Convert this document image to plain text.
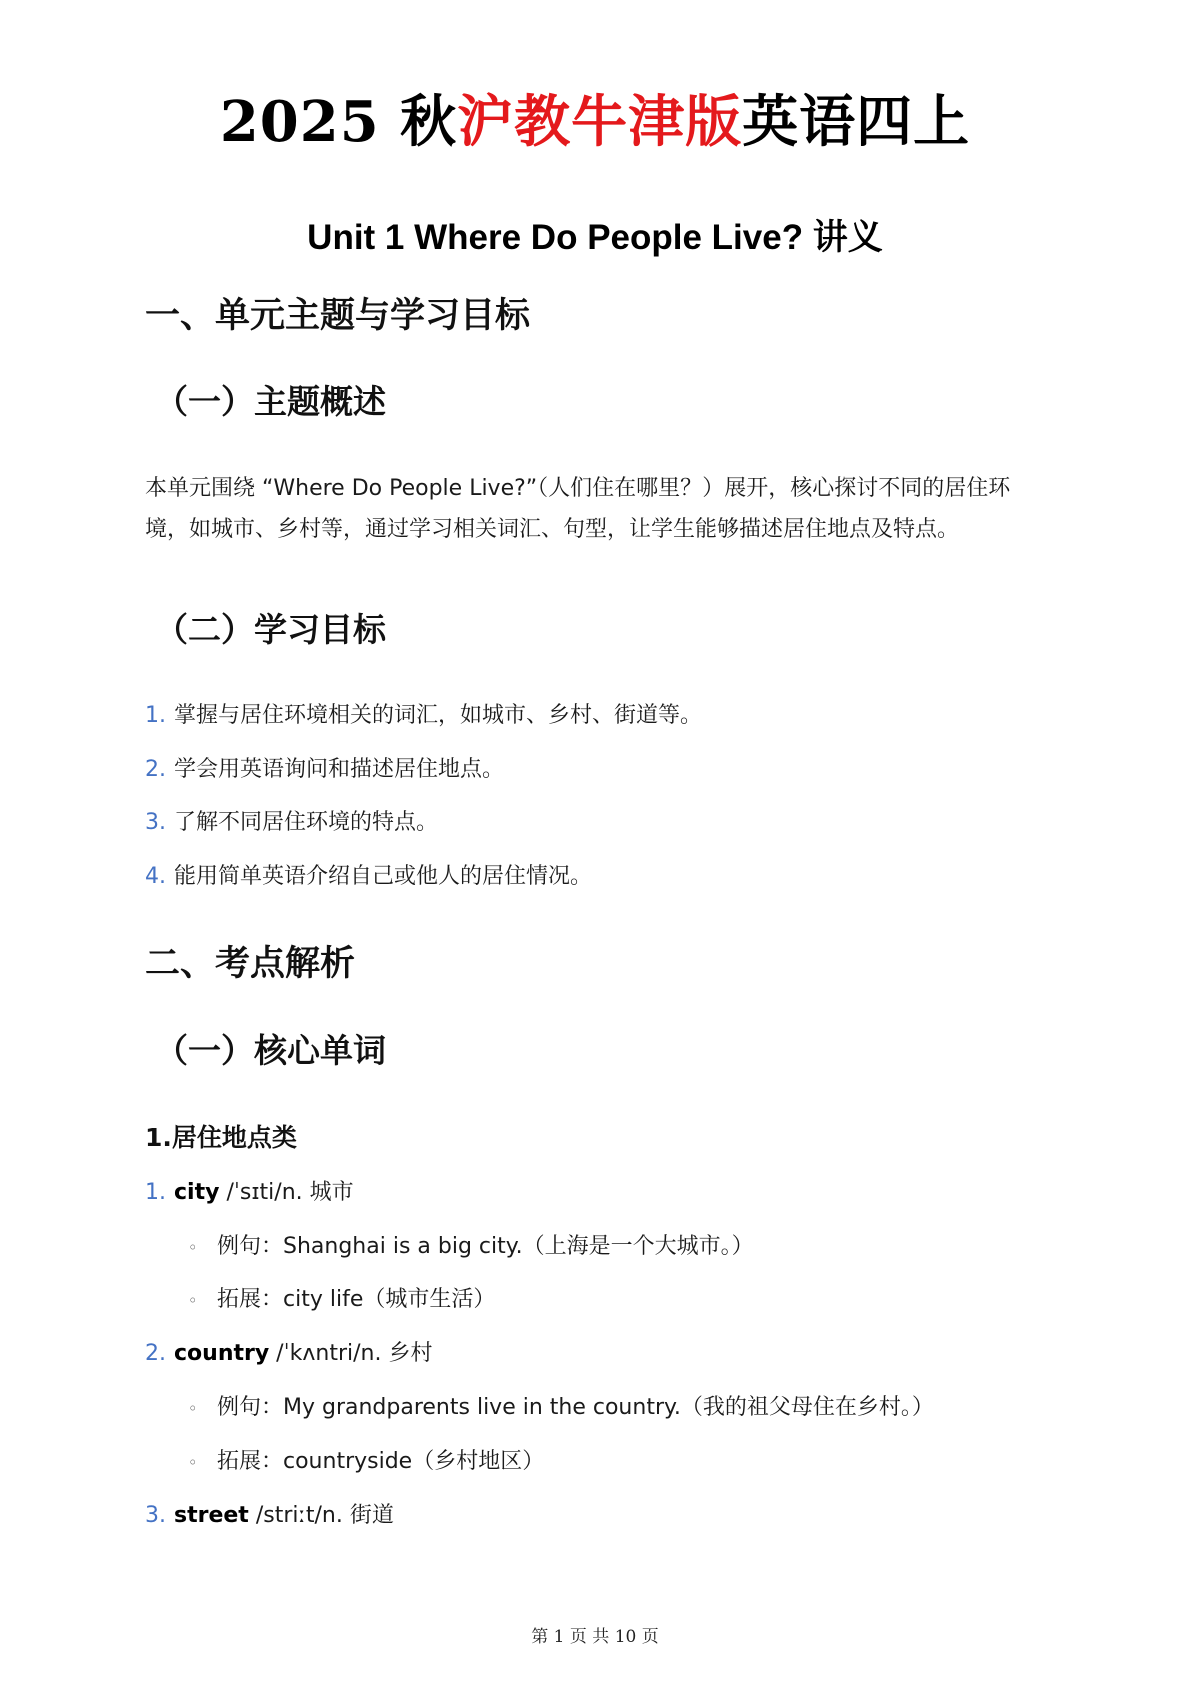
2025 秋沪教牛津版英语四上
Unit 1 Where Do People Live? 讲义
一、单元主题与学习目标
（一）主题概述

本单元围绕 “Where Do People Live?”（人们住在哪里？）展开，核心探讨不同的居住环境，如城市、乡村等，通过学习相关词汇、句型，让学生能够描述居住地点及特点。

（二）学习目标
1. 掌握与居住环境相关的词汇，如城市、乡村、街道等。
2. 学会用英语询问和描述居住地点。
3. 了解不同居住环境的特点。
4. 能用简单英语介绍自己或他人的居住情况。
二、考点解析
（一）核心单词
1.居住地点类
1. city /ˈsɪti/n. 城市
◦ 例句：Shanghai is a big city.（上海是一个大城市。）
◦ 拓展：city life（城市生活）
2. country /ˈkʌntri/n. 乡村
◦ 例句：My grandparents live in the country.（我的祖父母住在乡村。）
◦ 拓展：countryside（乡村地区）
3. street /striːt/n. 街道
第 1 页 共 10 页
